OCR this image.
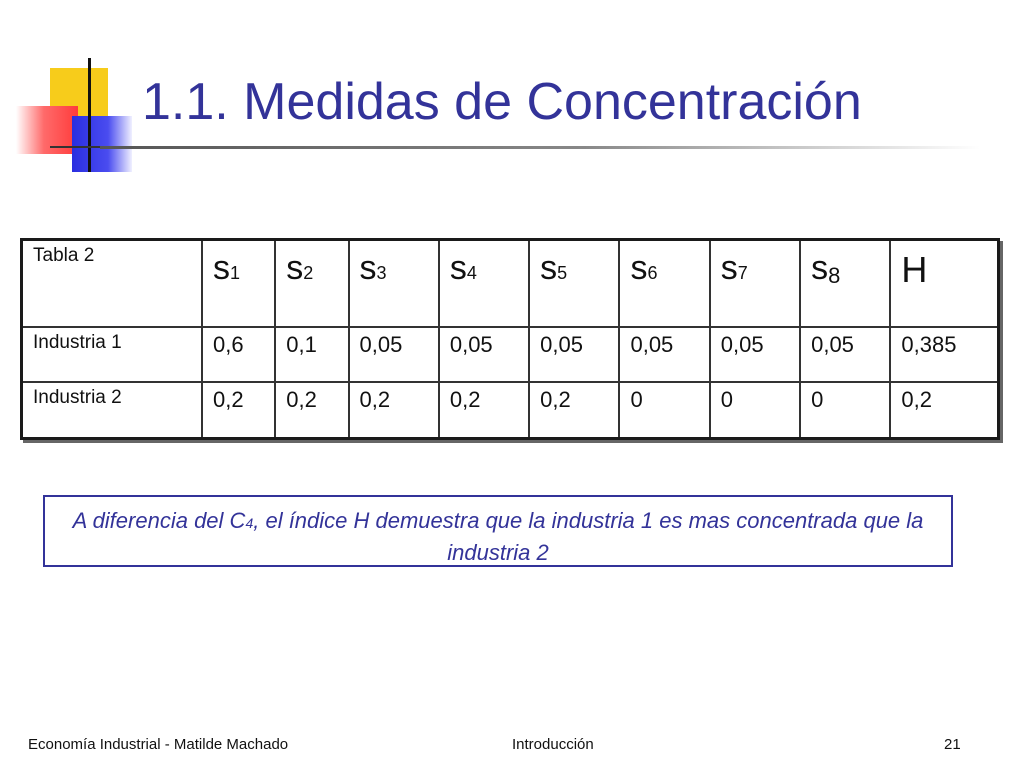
1.1. Medidas de Concentración
Tabla 2	s1	s2	s3	s4	s5	s6	s7	$s_8$	H
Industria 1	0,6	0,1	0,05	0,05	0,05	0,05	0,05	0,05	0,385
Industria 2	0,2	0,2	0,2	0,2	0,2	0	0	0	0,2
A diferencia del C4, el índice H demuestra que la industria 1 es mas concentrada que la industria 2
Economía Industrial - Matilde Machado	Introducción	21
